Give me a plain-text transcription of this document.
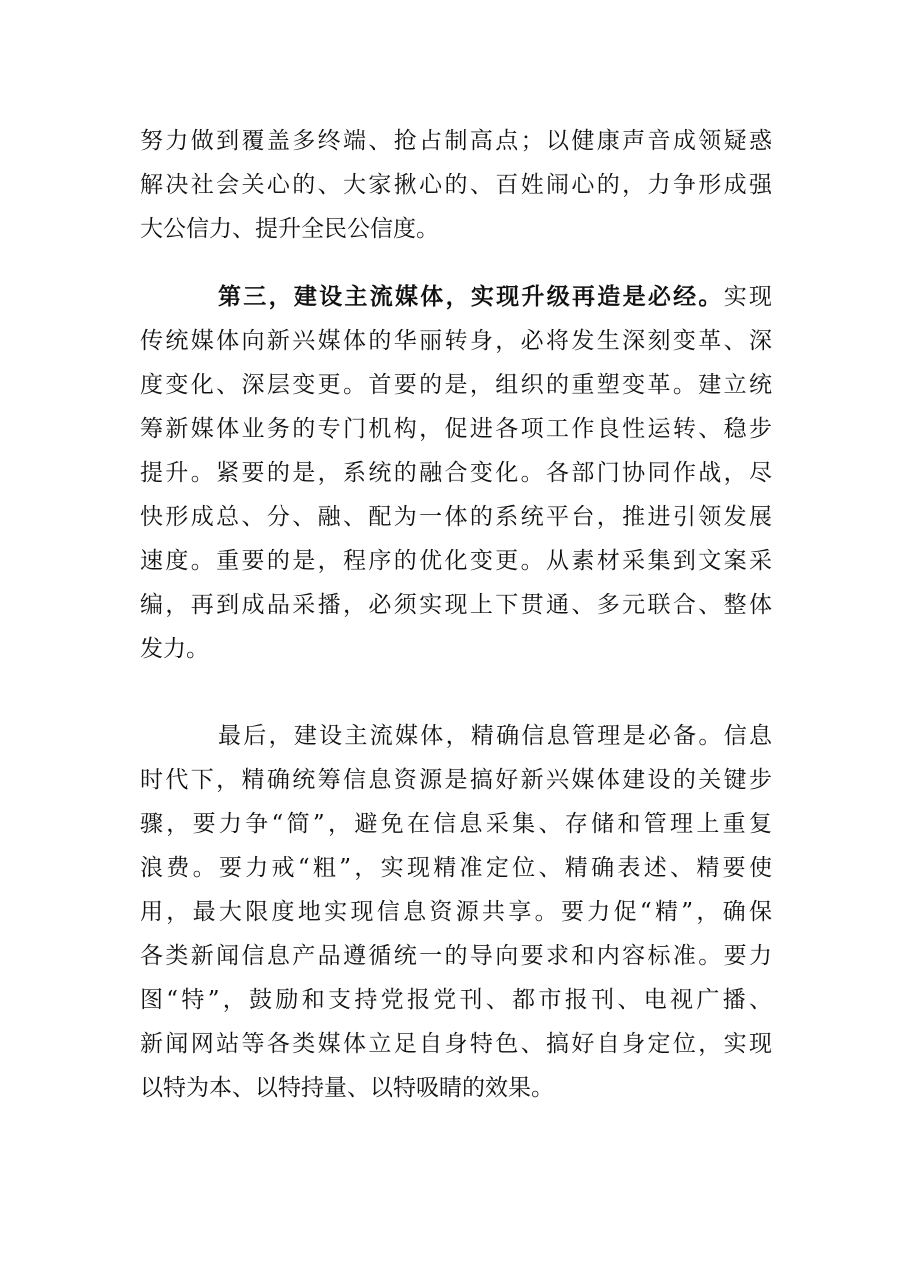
努力做到覆盖多终端、抢占制高点；以健康声音成领疑惑
解决社会关心的、大家揪心的、百姓闹心的，力争形成强
大公信力、提升全民公信度。
第三，建设主流媒体，实现升级再造是必经。实现
传统媒体向新兴媒体的华丽转身，必将发生深刻变革、深
度变化、深层变更。首要的是，组织的重塑变革。建立统
筹新媒体业务的专门机构，促进各项工作良性运转、稳步
提升。紧要的是，系统的融合变化。各部门协同作战，尽
快形成总、分、融、配为一体的系统平台，推进引领发展
速度。重要的是，程序的优化变更。从素材采集到文案采
编，再到成品采播，必须实现上下贯通、多元联合、整体
发力。
最后，建设主流媒体，精确信息管理是必备。信息
时代下，精确统筹信息资源是搞好新兴媒体建设的关键步
骤，要力争“简”，避免在信息采集、存储和管理上重复
浪费。要力戒“粗”，实现精准定位、精确表述、精要使
用，最大限度地实现信息资源共享。要力促“精”，确保
各类新闻信息产品遵循统一的导向要求和内容标准。要力
图“特”，鼓励和支持党报党刊、都市报刊、电视广播、
新闻网站等各类媒体立足自身特色、搞好自身定位，实现
以特为本、以特持量、以特吸睛的效果。
